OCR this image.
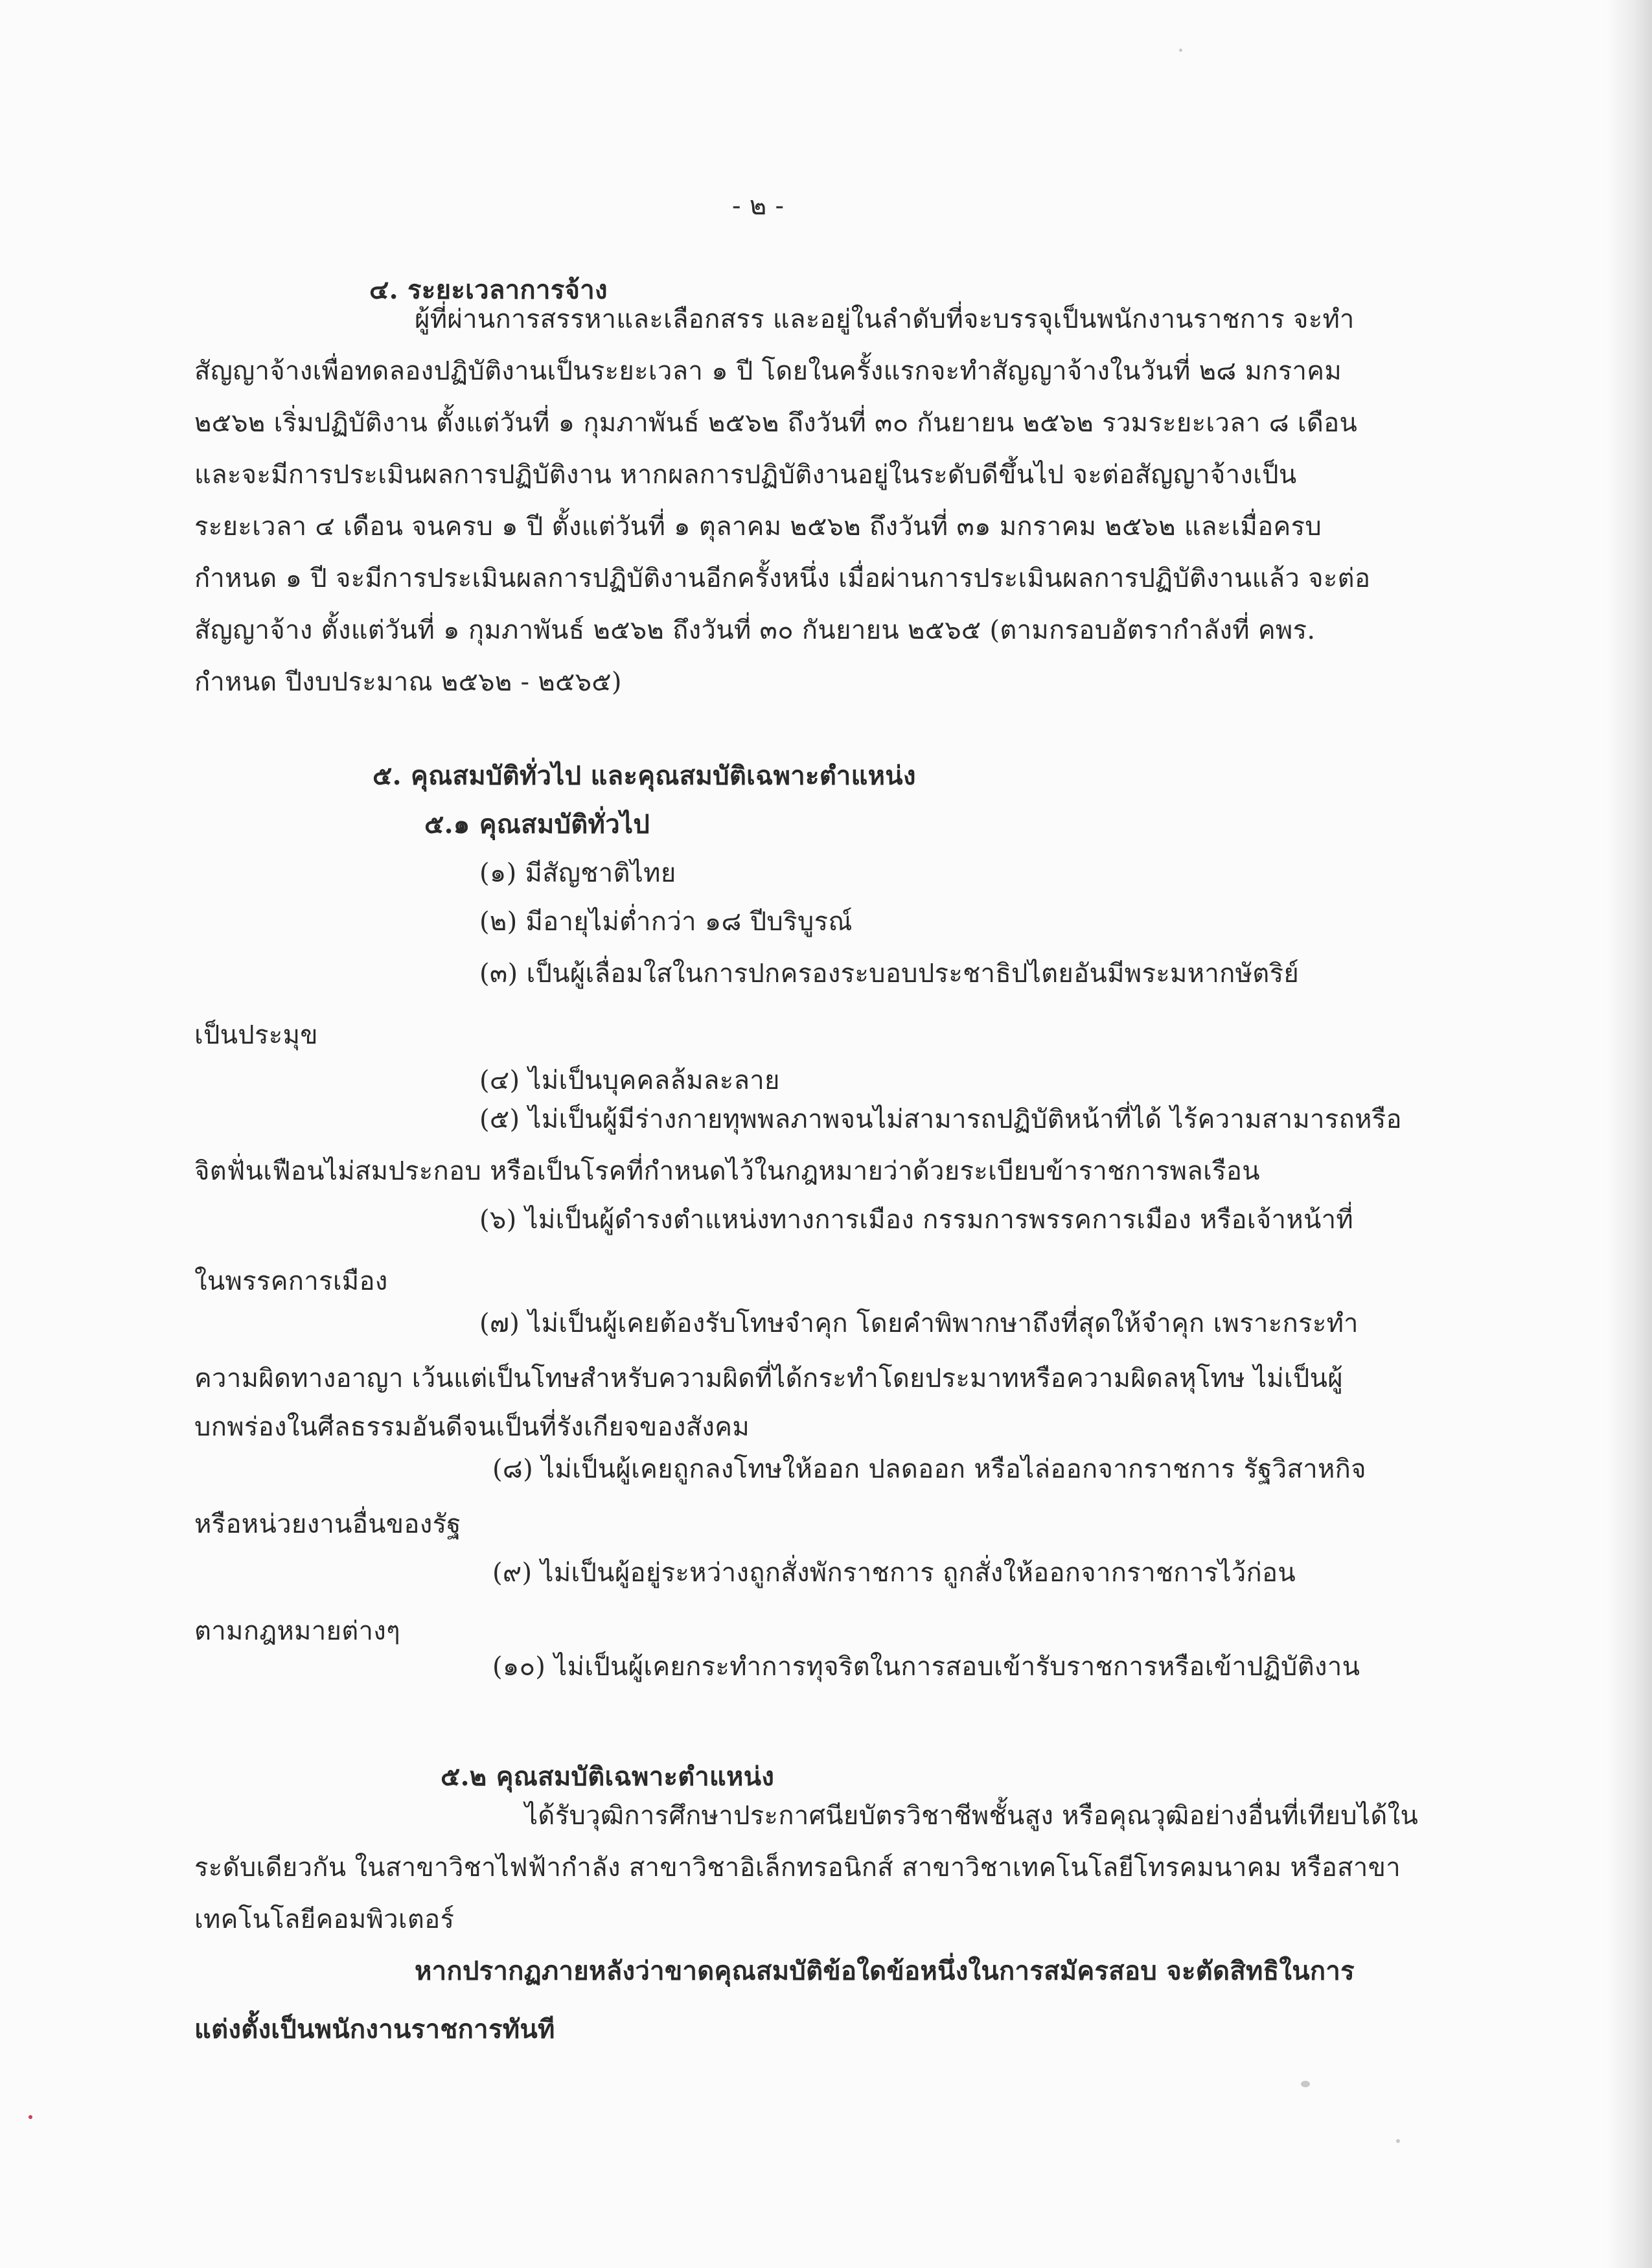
- ๒ -
๔. ระยะเวลาการจ้าง
ผู้ที่ผ่านการสรรหาและเลือกสรร และอยู่ในลำดับที่จะบรรจุเป็นพนักงานราชการ จะทำ
สัญญาจ้างเพื่อทดลองปฏิบัติงานเป็นระยะเวลา ๑ ปี โดยในครั้งแรกจะทำสัญญาจ้างในวันที่ ๒๘ มกราคม
๒๕๖๒ เริ่มปฏิบัติงาน ตั้งแต่วันที่ ๑ กุมภาพันธ์ ๒๕๖๒ ถึงวันที่ ๓๐ กันยายน ๒๕๖๒ รวมระยะเวลา ๘ เดือน
และจะมีการประเมินผลการปฏิบัติงาน หากผลการปฏิบัติงานอยู่ในระดับดีขึ้นไป จะต่อสัญญาจ้างเป็น
ระยะเวลา ๔ เดือน จนครบ ๑ ปี ตั้งแต่วันที่ ๑ ตุลาคม ๒๕๖๒ ถึงวันที่ ๓๑ มกราคม ๒๕๖๒ และเมื่อครบ
กำหนด ๑ ปี จะมีการประเมินผลการปฏิบัติงานอีกครั้งหนึ่ง เมื่อผ่านการประเมินผลการปฏิบัติงานแล้ว จะต่อ
สัญญาจ้าง ตั้งแต่วันที่ ๑ กุมภาพันธ์ ๒๕๖๒ ถึงวันที่ ๓๐ กันยายน ๒๕๖๕ (ตามกรอบอัตรากำลังที่ คพร.
กำหนด ปีงบประมาณ ๒๕๖๒ - ๒๕๖๕)
๕. คุณสมบัติทั่วไป และคุณสมบัติเฉพาะตำแหน่ง
๕.๑ คุณสมบัติทั่วไป
(๑) มีสัญชาติไทย
(๒) มีอายุไม่ต่ำกว่า ๑๘ ปีบริบูรณ์
(๓) เป็นผู้เลื่อมใสในการปกครองระบอบประชาธิปไตยอันมีพระมหากษัตริย์
เป็นประมุข
(๔) ไม่เป็นบุคคลล้มละลาย
(๕) ไม่เป็นผู้มีร่างกายทุพพลภาพจนไม่สามารถปฏิบัติหน้าที่ได้ ไร้ความสามารถหรือ
จิตฟั่นเฟือนไม่สมประกอบ หรือเป็นโรคที่กำหนดไว้ในกฎหมายว่าด้วยระเบียบข้าราชการพลเรือน
(๖) ไม่เป็นผู้ดำรงตำแหน่งทางการเมือง กรรมการพรรคการเมือง หรือเจ้าหน้าที่
ในพรรคการเมือง
(๗) ไม่เป็นผู้เคยต้องรับโทษจำคุก โดยคำพิพากษาถึงที่สุดให้จำคุก เพราะกระทำ
ความผิดทางอาญา เว้นแต่เป็นโทษสำหรับความผิดที่ได้กระทำโดยประมาทหรือความผิดลหุโทษ ไม่เป็นผู้
บกพร่องในศีลธรรมอันดีจนเป็นที่รังเกียจของสังคม
(๘) ไม่เป็นผู้เคยถูกลงโทษให้ออก ปลดออก หรือไล่ออกจากราชการ รัฐวิสาหกิจ
หรือหน่วยงานอื่นของรัฐ
(๙) ไม่เป็นผู้อยู่ระหว่างถูกสั่งพักราชการ ถูกสั่งให้ออกจากราชการไว้ก่อน
ตามกฎหมายต่างๆ
(๑๐) ไม่เป็นผู้เคยกระทำการทุจริตในการสอบเข้ารับราชการหรือเข้าปฏิบัติงาน
๕.๒ คุณสมบัติเฉพาะตำแหน่ง
ได้รับวุฒิการศึกษาประกาศนียบัตรวิชาชีพชั้นสูง หรือคุณวุฒิอย่างอื่นที่เทียบได้ใน
ระดับเดียวกัน ในสาขาวิชาไฟฟ้ากำลัง สาขาวิชาอิเล็กทรอนิกส์ สาขาวิชาเทคโนโลยีโทรคมนาคม หรือสาขา
เทคโนโลยีคอมพิวเตอร์
หากปรากฏภายหลังว่าขาดคุณสมบัติข้อใดข้อหนึ่งในการสมัครสอบ จะตัดสิทธิในการ
แต่งตั้งเป็นพนักงานราชการทันที
